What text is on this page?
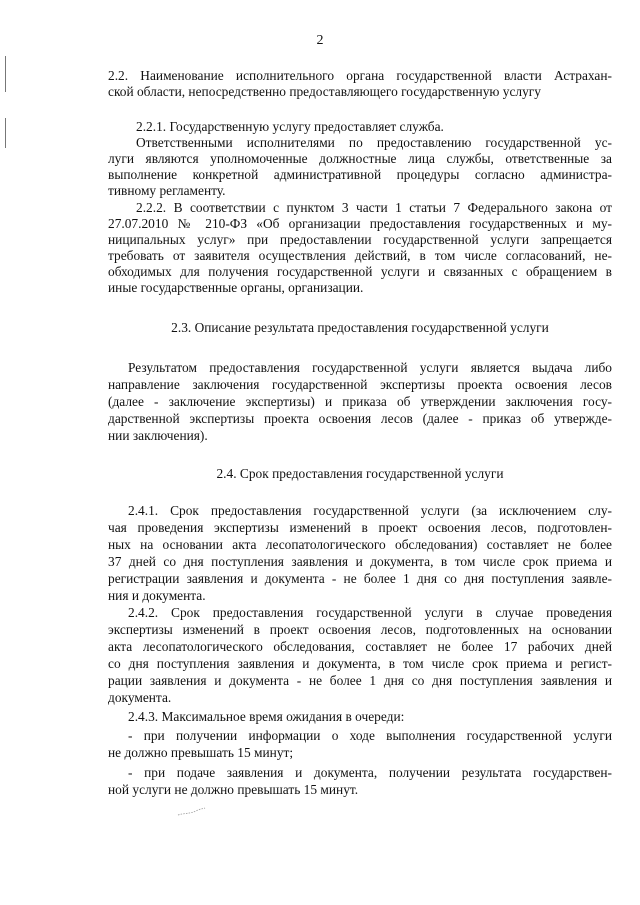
2
2.2. Наименование исполнительного органа государственной власти Астрахан-
ской области, непосредственно предоставляющего государственную услугу
2.2.1. Государственную услугу предоставляет служба.
Ответственными исполнителями по предоставлению государственной ус-
луги являются уполномоченные должностные лица службы, ответственные за
выполнение конкретной административной процедуры согласно администра-
тивному регламенту.
2.2.2. В соответствии с пунктом 3 части 1 статьи 7 Федерального закона от
27.07.2010 № 210-ФЗ «Об организации предоставления государственных и му-
ниципальных услуг» при предоставлении государственной услуги запрещается
требовать от заявителя осуществления действий, в том числе согласований, не-
обходимых для получения государственной услуги и связанных с обращением в
иные государственные органы, организации.
2.3. Описание результата предоставления государственной услуги
Результатом предоставления государственной услуги является выдача либо
направление заключения государственной экспертизы проекта освоения лесов
(далее - заключение экспертизы) и приказа об утверждении заключения госу-
дарственной экспертизы проекта освоения лесов (далее - приказ об утвержде-
нии заключения).
2.4. Срок предоставления государственной услуги
2.4.1. Срок предоставления государственной услуги (за исключением слу-
чая проведения экспертизы изменений в проект освоения лесов, подготовлен-
ных на основании акта лесопатологического обследования) составляет не более
37 дней со дня поступления заявления и документа, в том числе срок приема и
регистрации заявления и документа - не более 1 дня со дня поступления заявле-
ния и документа.
2.4.2. Срок предоставления государственной услуги в случае проведения
экспертизы изменений в проект освоения лесов, подготовленных на основании
акта лесопатологического обследования, составляет не более 17 рабочих дней
со дня поступления заявления и документа, в том числе срок приема и регист-
рации заявления и документа - не более 1 дня со дня поступления заявления и
документа.
2.4.3. Максимальное время ожидания в очереди:
- при получении информации о ходе выполнения государственной услуги
не должно превышать 15 минут;
- при подаче заявления и документа, получении результата государствен-
ной услуги не должно превышать 15 минут.
